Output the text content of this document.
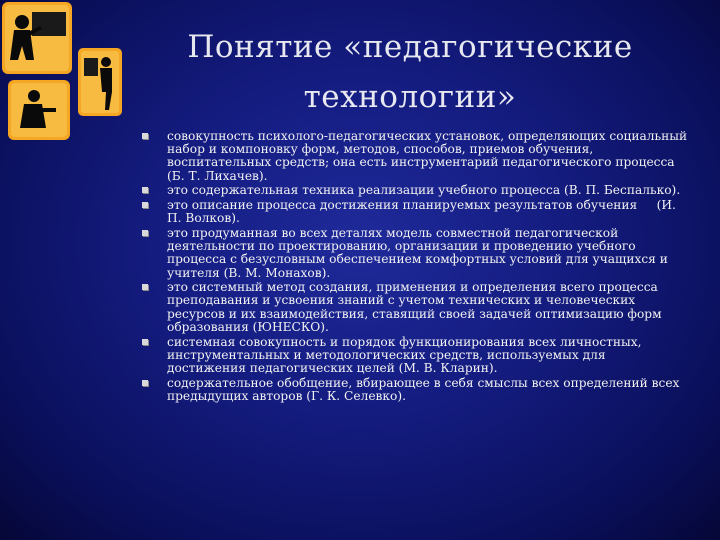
Понятие «педагогические
технологии»
совокупность психолого-педагогических установок, определяющих социальный набор и компоновку форм, методов, способов, приемов обучения, воспитательных средств; она есть инструментарий педагогического процесса (Б. Т. Лихачев).
это содержательная техника реализации учебного процесса (В. П. Беспалько).
это описание процесса достижения планируемых результатов обучения     (И. П. Волков).
это продуманная во всех деталях модель совместной педагогической деятельности по проектированию, организации и проведению учебного процесса с безусловным обеспечением комфортных условий для учащихся и учителя (В. М. Монахов).
это системный метод создания, применения и определения всего процесса преподавания и усвоения знаний с учетом технических и человеческих ресурсов и их взаимодействия, ставящий своей задачей оптимизацию форм образования (ЮНЕСКО).
системная совокупность и порядок функционирования всех личностных, инструментальных и методологических средств, используемых для достижения педагогических целей (М. В. Кларин).
содержательное обобщение, вбирающее в себя смыслы всех определений всех предыдущих авторов (Г. К. Селевко).
